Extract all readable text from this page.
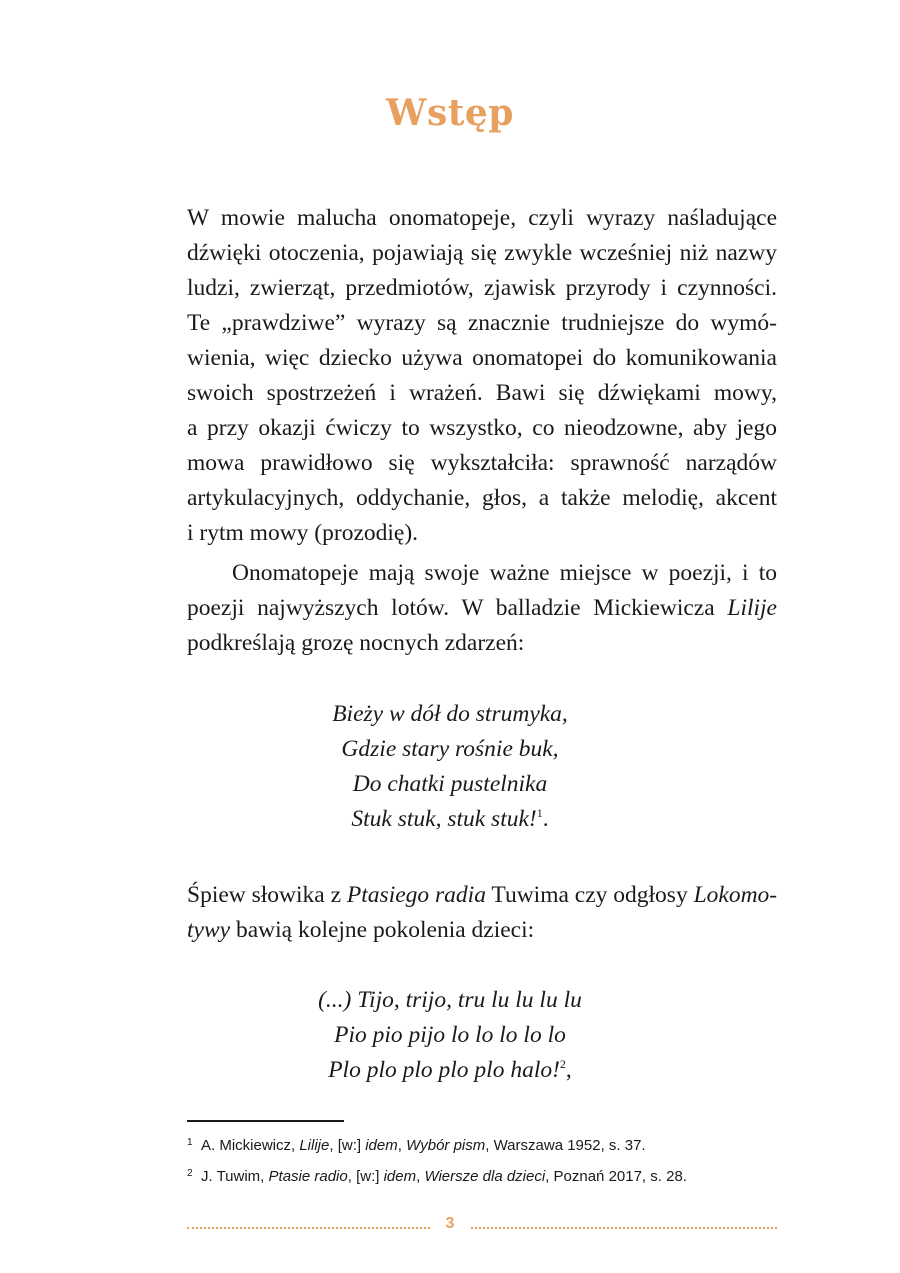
Wstęp
W mowie malucha onomatopeje, czyli wyrazy naśladujące
dźwięki otoczenia, pojawiają się zwykle wcześniej niż nazwy
ludzi, zwierząt, przedmiotów, zjawisk przyrody i czynności.
Te „prawdziwe” wyrazy są znacznie trudniejsze do wymó-
wienia, więc dziecko używa onomatopei do komunikowania
swoich spostrzeżeń i wrażeń. Bawi się dźwiękami mowy,
a przy okazji ćwiczy to wszystko, co nieodzowne, aby jego
mowa prawidłowo się wykształciła: sprawność narządów
artykulacyjnych, oddychanie, głos, a także melodię, akcent
i rytm mowy (prozodię).
Onomatopeje mają swoje ważne miejsce w poezji, i to
poezji najwyższych lotów. W balladzie Mickiewicza Lilije
podkreślają grozę nocnych zdarzeń:
Bieży w dół do strumyka,
Gdzie stary rośnie buk,
Do chatki pustelnika
Stuk stuk, stuk stuk!$^1$.
Śpiew słowika z Ptasiego radia Tuwima czy odgłosy Lokomo-
tywy bawią kolejne pokolenia dzieci:
(...) Tijo, trijo, tru lu lu lu lu
Pio pio pijo lo lo lo lo lo
Plo plo plo plo plo halo!$^2$,
1 A. Mickiewicz, Lilije, [w:] idem, Wybór pism, Warszawa 1952, s. 37.
2 J. Tuwim, Ptasie radio, [w:] idem, Wiersze dla dzieci, Poznań 2017, s. 28.
3
